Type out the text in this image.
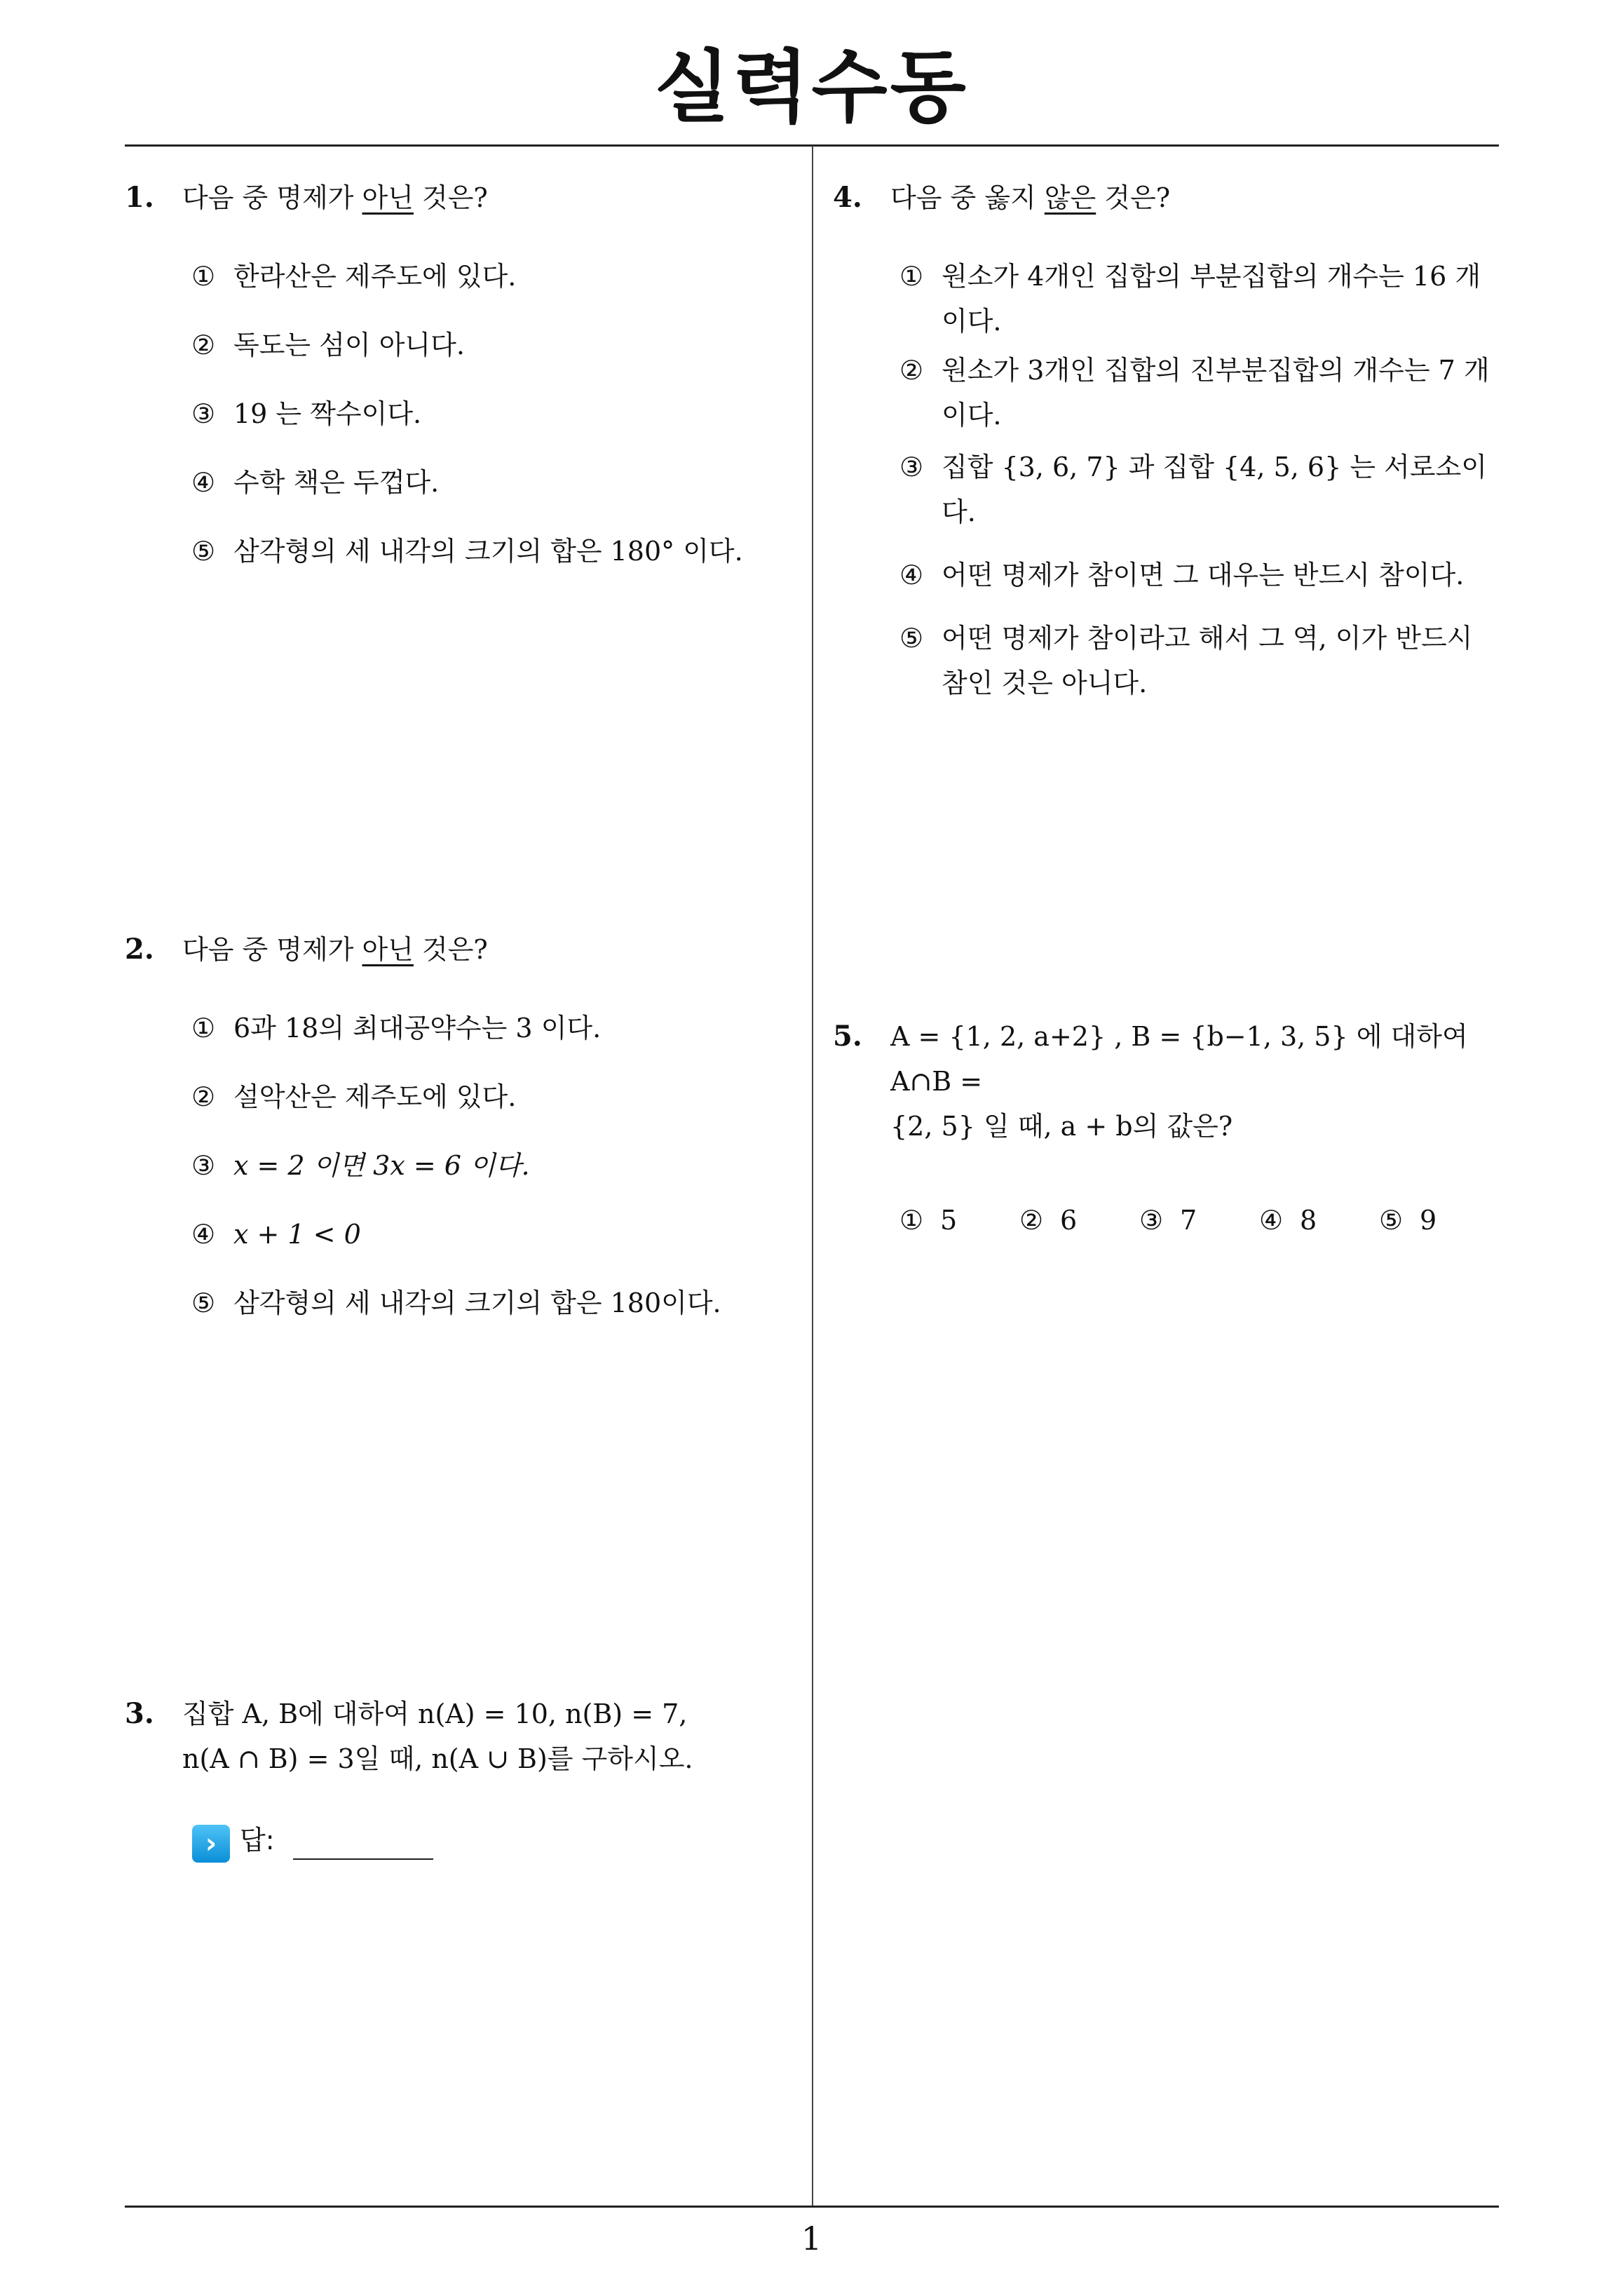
실력수동
1
1.	다음 중 명제가 아닌 것은?
① 한라산은 제주도에 있다.
② 독도는 섬이 아니다.
③ 19 는 짝수이다.
④ 수학 책은 두껍다.
⑤ 삼각형의 세 내각의 크기의 합은 180° 이다.
2.	다음 중 명제가 아닌 것은?
① 6과 18의 최대공약수는 3 이다.
② 설악산은 제주도에 있다.
③ x = 2 이면 3x = 6 이다.
④ x + 1 < 0
⑤ 삼각형의 세 내각의 크기의 합은 180이다.
3.	집합 A, B에 대하여 n(A) = 10, n(B) = 7,
n(A ∩ B) = 3일 때, n(A ∪ B)를 구하시오.
› 답:
4.	다음 중 옳지 않은 것은?
① 원소가 4개인 집합의 부분집합의 개수는 16 개이다.
② 원소가 3개인 집합의 진부분집합의 개수는 7 개이다.
③ 집합 {3, 6, 7} 과 집합 {4, 5, 6} 는 서로소이다.
④ 어떤 명제가 참이면 그 대우는 반드시 참이다.
⑤ 어떤 명제가 참이라고 해서 그 역, 이가 반드시 참인 것은 아니다.
5.	A = {1, 2, a+2} , B = {b−1, 3, 5} 에 대하여 A∩B =
{2, 5} 일 때, a + b의 값은?
① 5	② 6	③ 7	④ 8	⑤ 9
